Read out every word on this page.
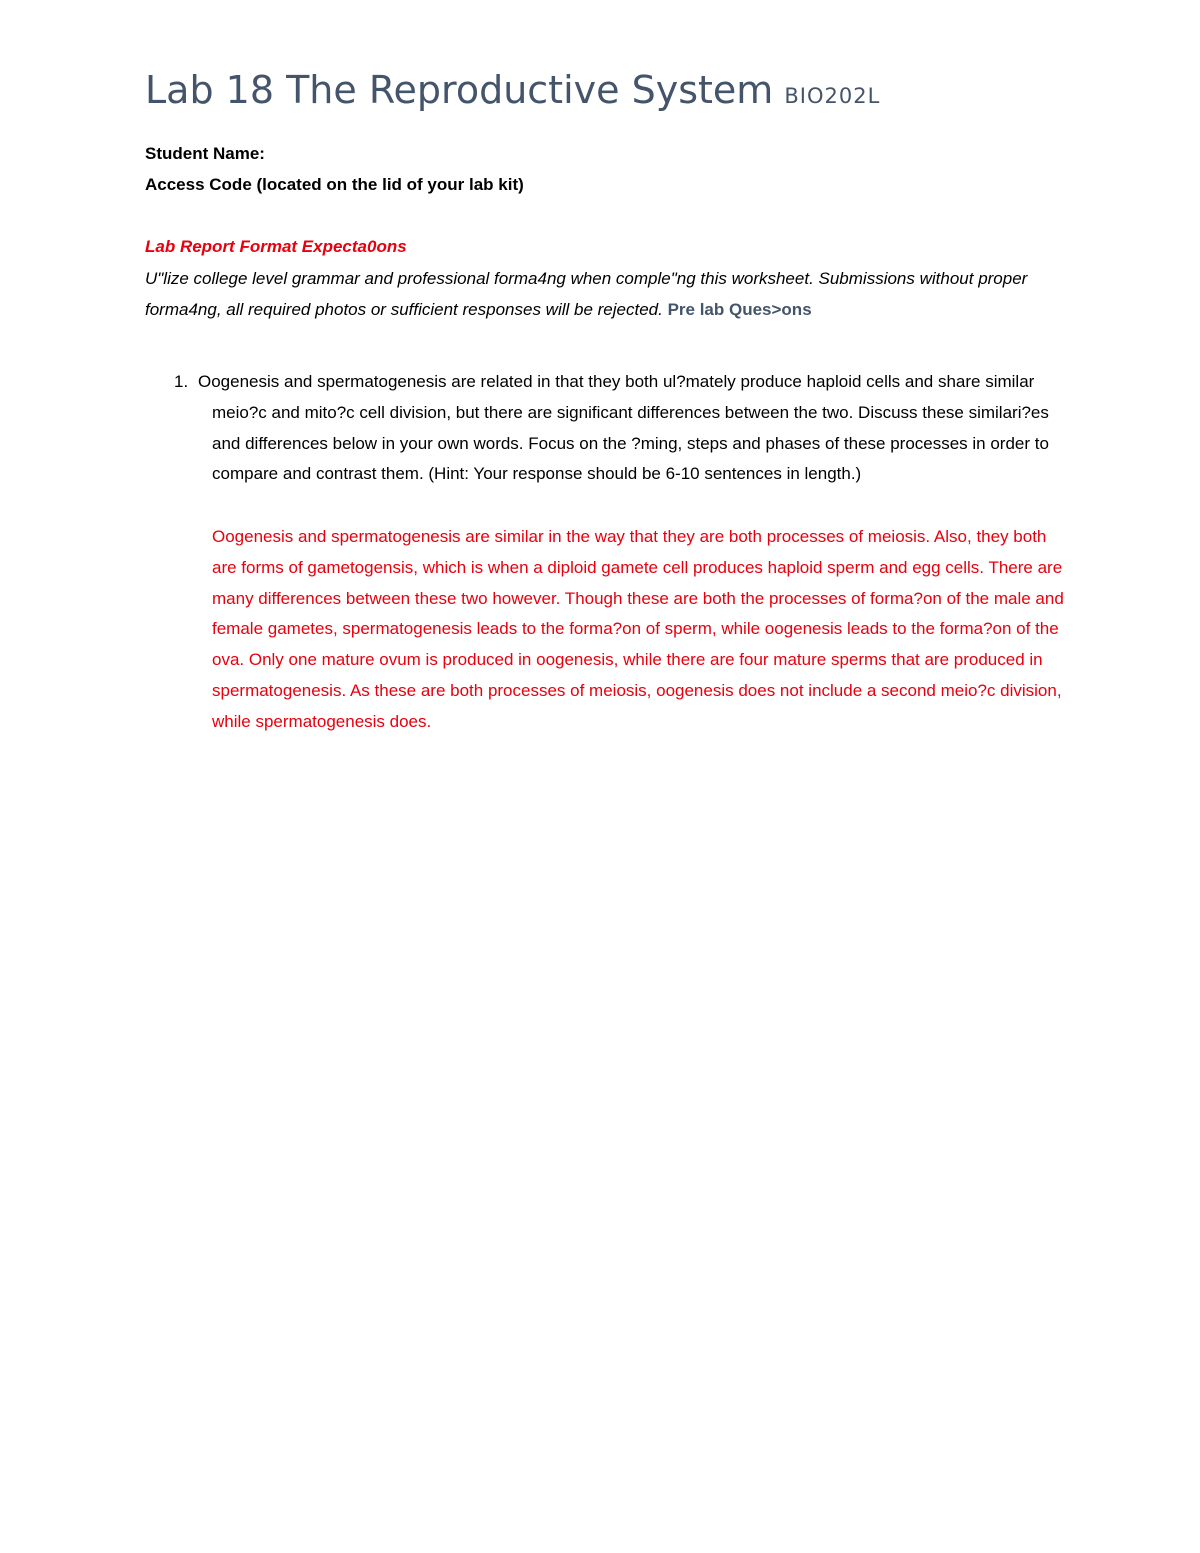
Lab 18 The Reproductive System BIO202L
Student Name:
Access Code (located on the lid of your lab kit)
Lab Report Format Expecta0ons
U"lize college level grammar and professional forma4ng when comple"ng this worksheet. Submissions without proper forma4ng, all required photos or sufficient responses will be rejected. Pre lab Ques>ons
1. Oogenesis and spermatogenesis are related in that they both ul?mately produce haploid cells and share similar meio?c and mito?c cell division, but there are significant differences between the two. Discuss these similari?es and differences below in your own words. Focus on the ?ming, steps and phases of these processes in order to compare and contrast them. (Hint: Your response should be 6-10 sentences in length.)
Oogenesis and spermatogenesis are similar in the way that they are both processes of meiosis. Also, they both are forms of gametogensis, which is when a diploid gamete cell produces haploid sperm and egg cells. There are many differences between these two however. Though these are both the processes of forma?on of the male and female gametes, spermatogenesis leads to the forma?on of sperm, while oogenesis leads to the forma?on of the ova. Only one mature ovum is produced in oogenesis, while there are four mature sperms that are produced in spermatogenesis. As these are both processes of meiosis, oogenesis does not include a second meio?c division, while spermatogenesis does.
